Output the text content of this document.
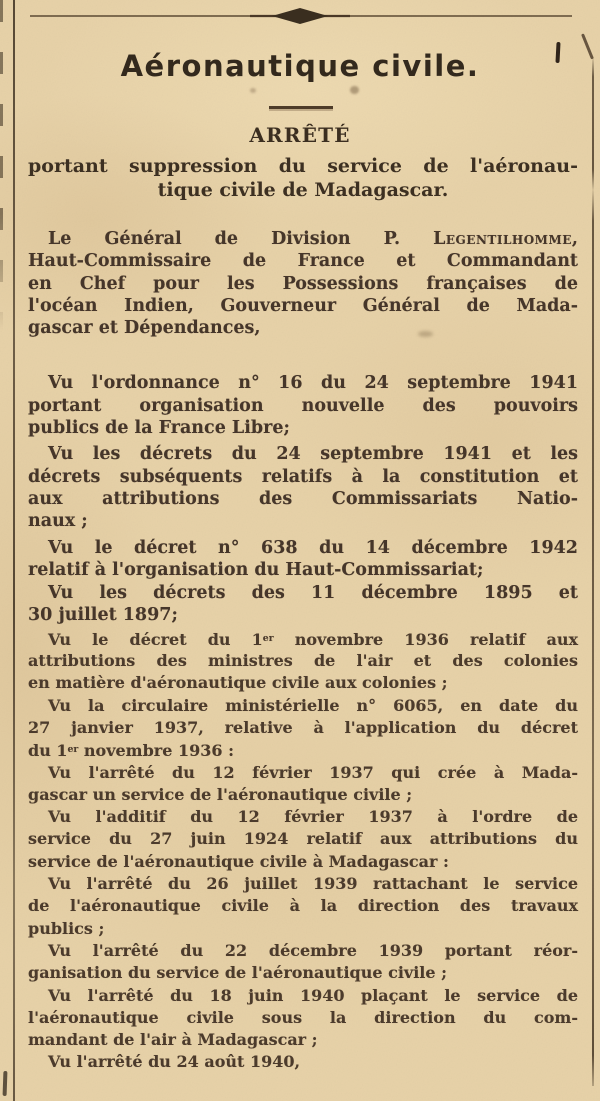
Aéronautique civile.
ARRÊTÉ
portant suppression du service de l'aéronau-
tique civile de Madagascar.

Le Général de Division P. Legentilhomme,
Haut-Commissaire de France et Commandant
en Chef pour les Possessions françaises de
l'océan Indien, Gouverneur Général de Mada-
gascar et Dépendances,

Vu l'ordonnance n° 16 du 24 septembre 1941
portant organisation nouvelle des pouvoirs
publics de la France Libre;

Vu les décrets du 24 septembre 1941 et les
décrets subséquents relatifs à la constitution et
aux attributions des Commissariats Natio-
naux ;

Vu le décret n° 638 du 14 décembre 1942
relatif à l'organisation du Haut-Commissariat;

Vu les décrets des 11 décembre 1895 et
30 juillet 1897;

Vu le décret du 1er novembre 1936 relatif aux
attributions des ministres de l'air et des colonies
en matière d'aéronautique civile aux colonies ;

Vu la circulaire ministérielle n° 6065, en date du
27 janvier 1937, relative à l'application du décret
du 1er novembre 1936 :

Vu l'arrêté du 12 février 1937 qui crée à Mada-
gascar un service de l'aéronautique civile ;

Vu l'additif du 12 février 1937 à l'ordre de
service du 27 juin 1924 relatif aux attributions du
service de l'aéronautique civile à Madagascar :

Vu l'arrêté du 26 juillet 1939 rattachant le service
de l'aéronautique civile à la direction des travaux
publics ;

Vu l'arrêté du 22 décembre 1939 portant réor-
ganisation du service de l'aéronautique civile ;

Vu l'arrêté du 18 juin 1940 plaçant le service de
l'aéronautique civile sous la direction du com-
mandant de l'air à Madagascar ;

Vu l'arrêté du 24 août 1940,
